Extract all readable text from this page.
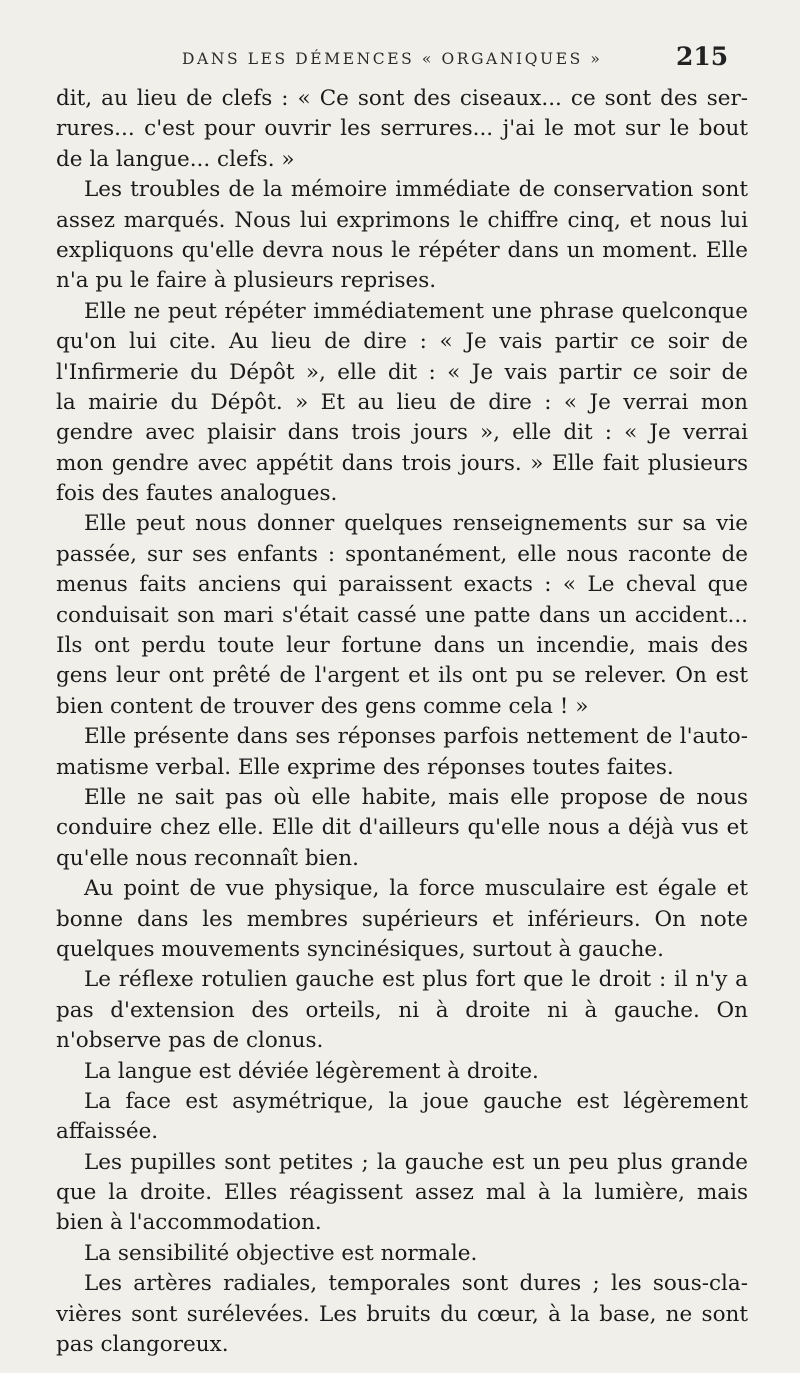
DANS LES DÉMENCES « ORGANIQUES »	215
dit, au lieu de clefs : « Ce sont des ciseaux... ce sont des ser-
rures... c'est pour ouvrir les serrures... j'ai le mot sur le bout
de la langue... clefs. »
Les troubles de la mémoire immédiate de conservation sont
assez marqués. Nous lui exprimons le chiffre cinq, et nous lui
expliquons qu'elle devra nous le répéter dans un moment. Elle
n'a pu le faire à plusieurs reprises.
Elle ne peut répéter immédiatement une phrase quelconque
qu'on lui cite. Au lieu de dire : « Je vais partir ce soir de
l'Infirmerie du Dépôt », elle dit : « Je vais partir ce soir de
la mairie du Dépôt. » Et au lieu de dire : « Je verrai mon
gendre avec plaisir dans trois jours », elle dit : « Je verrai
mon gendre avec appétit dans trois jours. » Elle fait plusieurs
fois des fautes analogues.
Elle peut nous donner quelques renseignements sur sa vie
passée, sur ses enfants : spontanément, elle nous raconte de
menus faits anciens qui paraissent exacts : « Le cheval que
conduisait son mari s'était cassé une patte dans un accident...
Ils ont perdu toute leur fortune dans un incendie, mais des
gens leur ont prêté de l'argent et ils ont pu se relever. On est
bien content de trouver des gens comme cela ! »
Elle présente dans ses réponses parfois nettement de l'auto-
matisme verbal. Elle exprime des réponses toutes faites.
Elle ne sait pas où elle habite, mais elle propose de nous
conduire chez elle. Elle dit d'ailleurs qu'elle nous a déjà vus et
qu'elle nous reconnaît bien.
Au point de vue physique, la force musculaire est égale et
bonne dans les membres supérieurs et inférieurs. On note
quelques mouvements syncinésiques, surtout à gauche.
Le réflexe rotulien gauche est plus fort que le droit : il n'y a
pas d'extension des orteils, ni à droite ni à gauche. On
n'observe pas de clonus.
La langue est déviée légèrement à droite.
La face est asymétrique, la joue gauche est légèrement
affaissée.
Les pupilles sont petites ; la gauche est un peu plus grande
que la droite. Elles réagissent assez mal à la lumière, mais
bien à l'accommodation.
La sensibilité objective est normale.
Les artères radiales, temporales sont dures ; les sous-cla-
vières sont surélevées. Les bruits du cœur, à la base, ne sont
pas clangoreux.
